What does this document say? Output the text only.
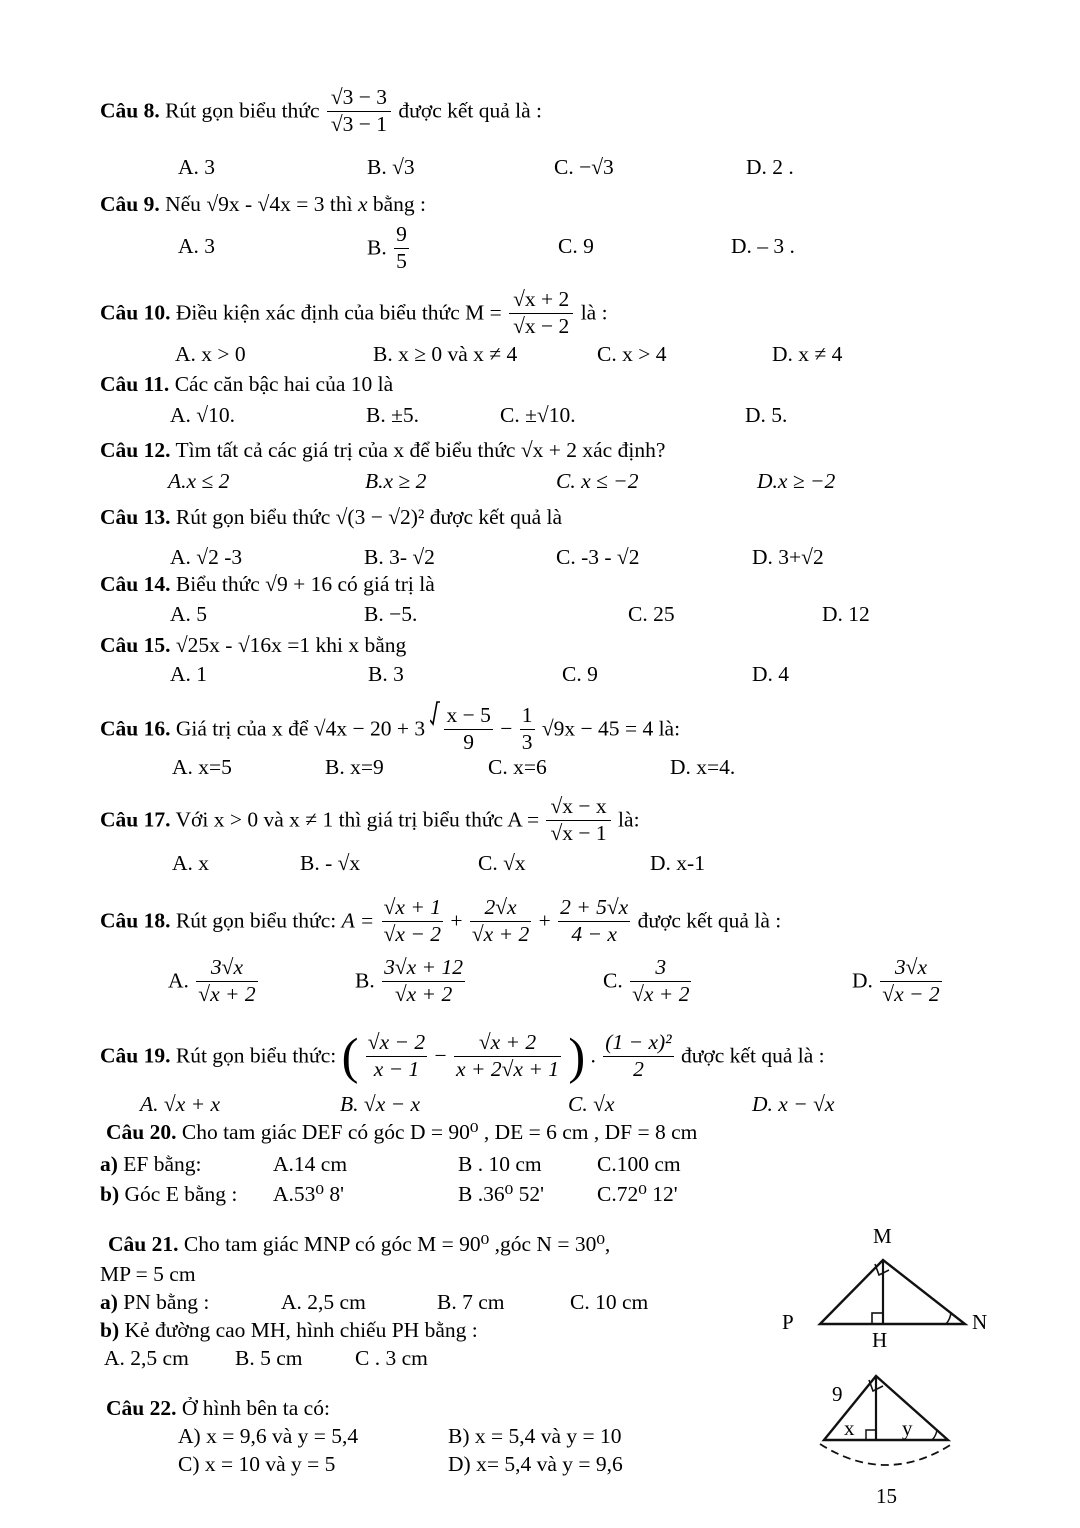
Câu 8. Rút gọn biểu thức $\frac{√3 - 3}{√3 - 1}$ được kết quả là :
A. 3	B. √3	C. −√3	D. 2 .
Câu 9. Nếu √9x - √4x = 3 thì x bằng :
A. 3	B. $\frac{9}{5}$	C. 9	D. – 3 .
Câu 10. Điều kiện xác định của biểu thức $M = \frac{√x + 2}{√x - 2}$ là :
A. x > 0	B. x ≥ 0 và x ≠ 4	C. x > 4	D. x ≠ 4
Câu 11. Các căn bậc hai của 10 là
A. √10.	B. ±5.	C. ±√10.	D. 5.
Câu 12. Tìm tất cả các giá trị của x để biểu thức √x + 2 xác định?
A.x ≤ 2	B.x ≥ 2	C. x ≤ −2	D.x ≥ −2
Câu 13. Rút gọn biểu thức √(3 − √2)² được kết quả là
A. √2 -3	B. 3- √2	C. -3 - √2	D. 3+√2
Câu 14. Biểu thức √9 + 16 có giá trị là
A. 5	B. −5.	C. 25	D. 12
Câu 15. √25x - √16x =1 khi x bằng
A. 1	B. 3	C. 9	D. 4
Câu 16. Giá trị của x để $√4x - 20 + 3 \frac{x - 5}{9} - \frac{1}{3} √9x - 45 = 4$ là:
A. x=5	B. x=9	C. x=6	D. x=4.
Câu 17. Với x > 0 và x ≠ 1 thì giá trị biểu thức $A = \frac{√x - x}{√x - 1}$ là:
A. x	B. - √x	C. √x	D. x-1
Câu 18. Rút gọn biểu thức: $A = \frac{√x + 1}{√x - 2} + \frac{2√x}{√x + 2} + \frac{2 + 5√x}{4 - x}$ được kết quả là :
A. $\frac{3√x}{√x + 2}$	B. $\frac{3√x + 12}{√x + 2}$	C. $\frac{3}{√x + 2}$	D. $\frac{3√x}{√x - 2}$
Câu 19. Rút gọn biểu thức: ( $\frac{√x - 2}{x - 1} - \frac{√x + 2}{x + 2√x + 1}$ ) . $\frac{\text{(1 − x)²}}{2}$ được kết quả là :
A. √x + x	B. √x − x	C. √x	D. x − √x
Câu 20. Cho tam giác DEF có góc D = 90⁰ , DE = 6 cm , DF = 8 cm
a) EF bằng:	A.14 cm	B . 10 cm	C.100 cm
b) Góc E bằng : A.53⁰ 8'	B .36⁰ 52' C.72⁰ 12'
Câu 21. Cho tam giác MNP có góc M = 90⁰ ,góc N = 30⁰,
MP = 5 cm
a) PN bằng :	A. 2,5 cm	B. 7 cm	C. 10 cm
b) Kẻ đường cao MH, hình chiếu PH bằng :
A. 2,5 cm B. 5 cm C . 3 cm
M
P	N
H
Câu 22. Ở hình bên ta có:
A) x = 9,6 và y = 5,4	B) x = 5,4 và y = 10
C) x = 10 và y = 5	D) x= 5,4 và y = 9,6
9
x y
15
